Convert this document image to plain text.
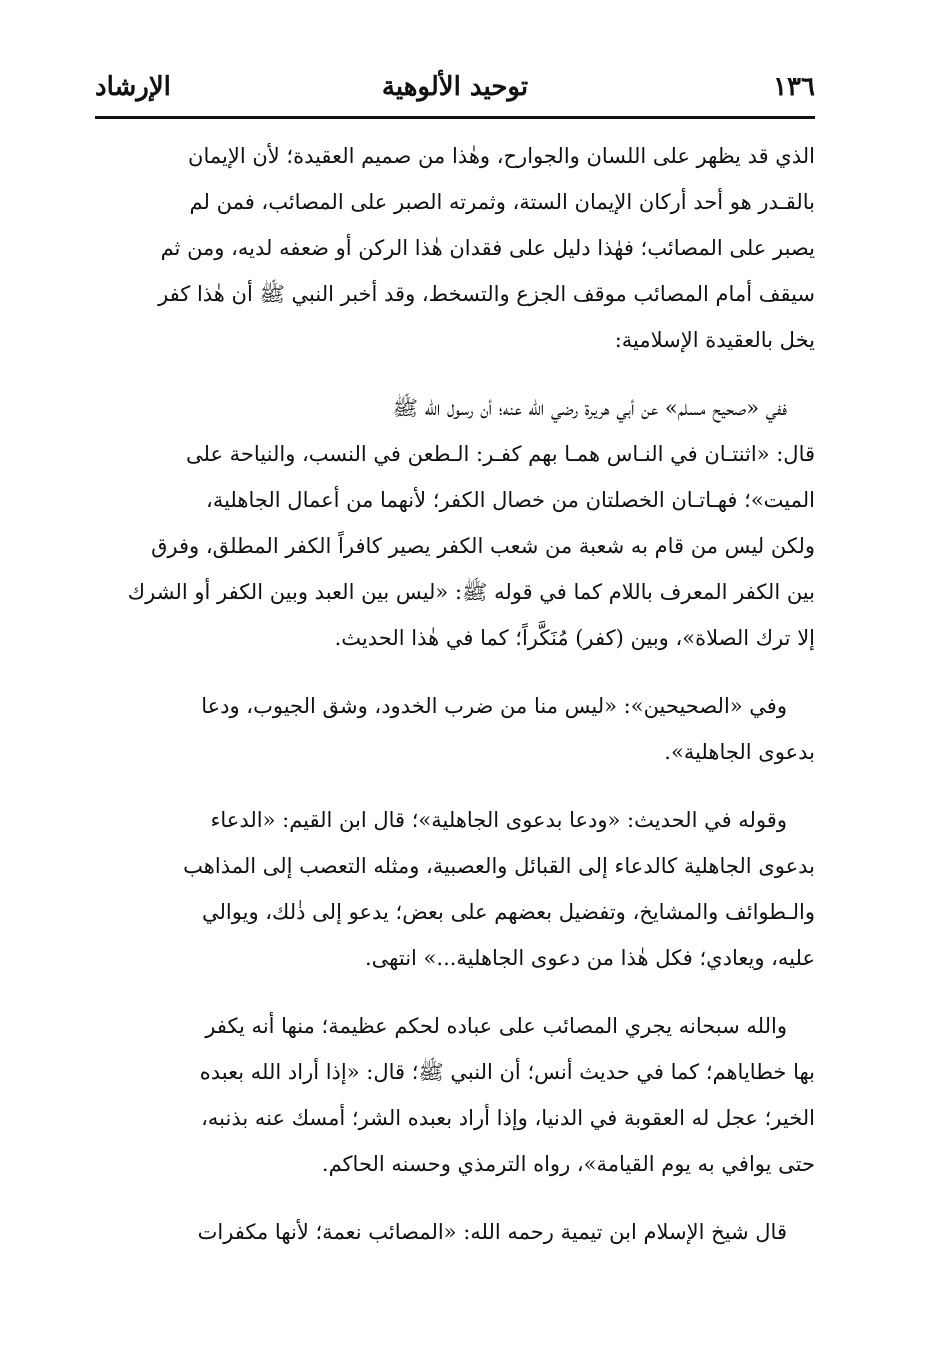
١٣٦
توحيد الألوهية
الإرشاد

الذي قد يظهر على اللسان والجوارح، وهٰذا من صميم العقيدة؛ لأن الإيمان
بالقـدر هو أحد أركان الإيمان الستة، وثمرته الصبر على المصائب، فمن لم
يصبر على المصائب؛ فهٰذا دليل على فقدان هٰذا الركن أو ضعفه لديه، ومن ثم
سيقف أمام المصائب موقف الجزع والتسخط، وقد أخبر النبي ﷺ أن هٰذا كفر
يخل بالعقيدة الإسلامية:

ففي «صحيح مسلم» عن أبي هريرة رضي الله عنه؛ أن رسول الله ﷺ
قال: «اثنتـان في النـاس همـا بهم كفـر: الـطعن في النسب، والنياحة على
الميت»؛ فهـاتـان الخصلتان من خصال الكفر؛ لأنهما من أعمال الجاهلية،
ولكن ليس من قام به شعبة من شعب الكفر يصير كافراً الكفر المطلق، وفرق
بين الكفر المعرف باللام كما في قوله ﷺ: «ليس بين العبد وبين الكفر أو الشرك
إلا ترك الصلاة»، وبين (كفر) مُنَكَّراً؛ كما في هٰذا الحديث.

وفي «الصحيحين»: «ليس منا من ضرب الخدود، وشق الجيوب، ودعا
بدعوى الجاهلية».

وقوله في الحديث: «ودعا بدعوى الجاهلية»؛ قال ابن القيم: «الدعاء
بدعوى الجاهلية كالدعاء إلى القبائل والعصبية، ومثله التعصب إلى المذاهب
والـطوائف والمشايخ، وتفضيل بعضهم على بعض؛ يدعو إلى ذٰلك، ويوالي
عليه، ويعادي؛ فكل هٰذا من دعوى الجاهلية...» انتهى.

والله سبحانه يجري المصائب على عباده لحكم عظيمة؛ منها أنه يكفر
بها خطاياهم؛ كما في حديث أنس؛ أن النبي ﷺ؛ قال: «إذا أراد الله بعبده
الخير؛ عجل له العقوبة في الدنيا، وإذا أراد بعبده الشر؛ أمسك عنه بذنبه،
حتى يوافي به يوم القيامة»، رواه الترمذي وحسنه الحاكم.

قال شيخ الإسلام ابن تيمية رحمه الله: «المصائب نعمة؛ لأنها مكفرات
